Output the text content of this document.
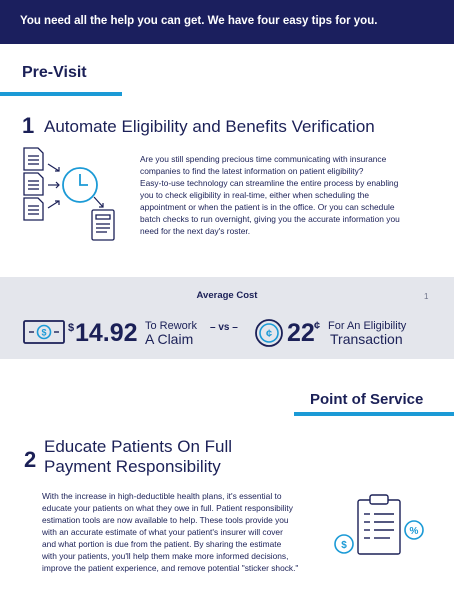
You need all the help you can get. We have four easy tips for you.
Pre-Visit
1 Automate Eligibility and Benefits Verification
Are you still spending precious time communicating with insurance
companies to find the latest information on patient eligibility?
Easy-to-use technology can streamline the entire process by enabling
you to check eligibility in real-time, either when scheduling the
appointment or when the patient is in the office. Or you can schedule
batch checks to run overnight, giving you the accurate information you
need for the next day's roster.
Average Cost	1
$ $ 14.92 To Rework
A Claim
– vs –
¢ 22 ¢ For An Eligibility
Transaction
Point of Service
2
Educate Patients On Full
Payment Responsibility
With the increase in high-deductible health plans, it's essential to
educate your patients on what they owe in full. Patient responsibility
estimation tools are now available to help. These tools provide you
with an accurate estimate of what your patient's insurer will cover
and what portion is due from the patient. By sharing the estimate
with your patients, you'll help them make more informed decisions,
improve the patient experience, and remove potential "sticker shock."
$
%
